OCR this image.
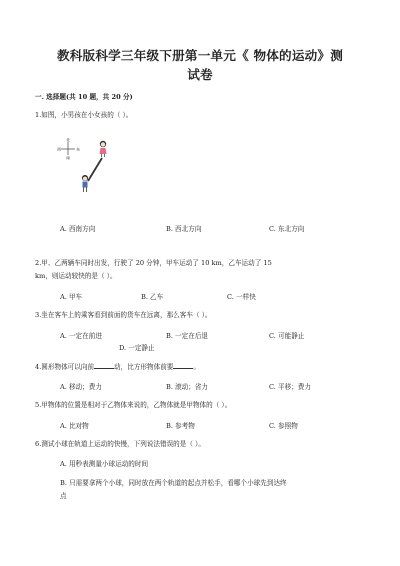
教科版科学三年级下册第一单元《 物体的运动》测
试卷
一. 选择题(共 10 题，共 20 分)
1.如图，小男孩在小女孩的（ ）。
北
南
西	东
A. 西南方向	B. 西北方向	C. 东北方向
2.甲、乙两辆车同时出发，行驶了 20 分钟，甲车运动了 10 km，乙车运动了 15
km，则运动较快的是（ ）。
A. 甲车	B. 乙车	C. 一样快
3.坐在客车上的乘客看到前面的货车在远离，那么客车（ ）。
A. 一定在前进	B. 一定在后退	C. 可能静止
D. 一定静止
4.圆形物体可以向前	动，比方形物体前要	。
A. 移动；费力	B. 滚动；省力	C. 平移；费力
5.甲物体的位置是相对于乙物体来说的，乙物体就是甲物体的（ ）。
A. 比对物	B. 参考物	C. 参照物
6.测试小球在轨道上运动的快慢，下列说法错误的是（ ）。
A. 用秒表测量小球运动的时间
B. 只需要拿两个小球，同时放在两个轨道的起点并松手，看哪个小球先到达终
点
